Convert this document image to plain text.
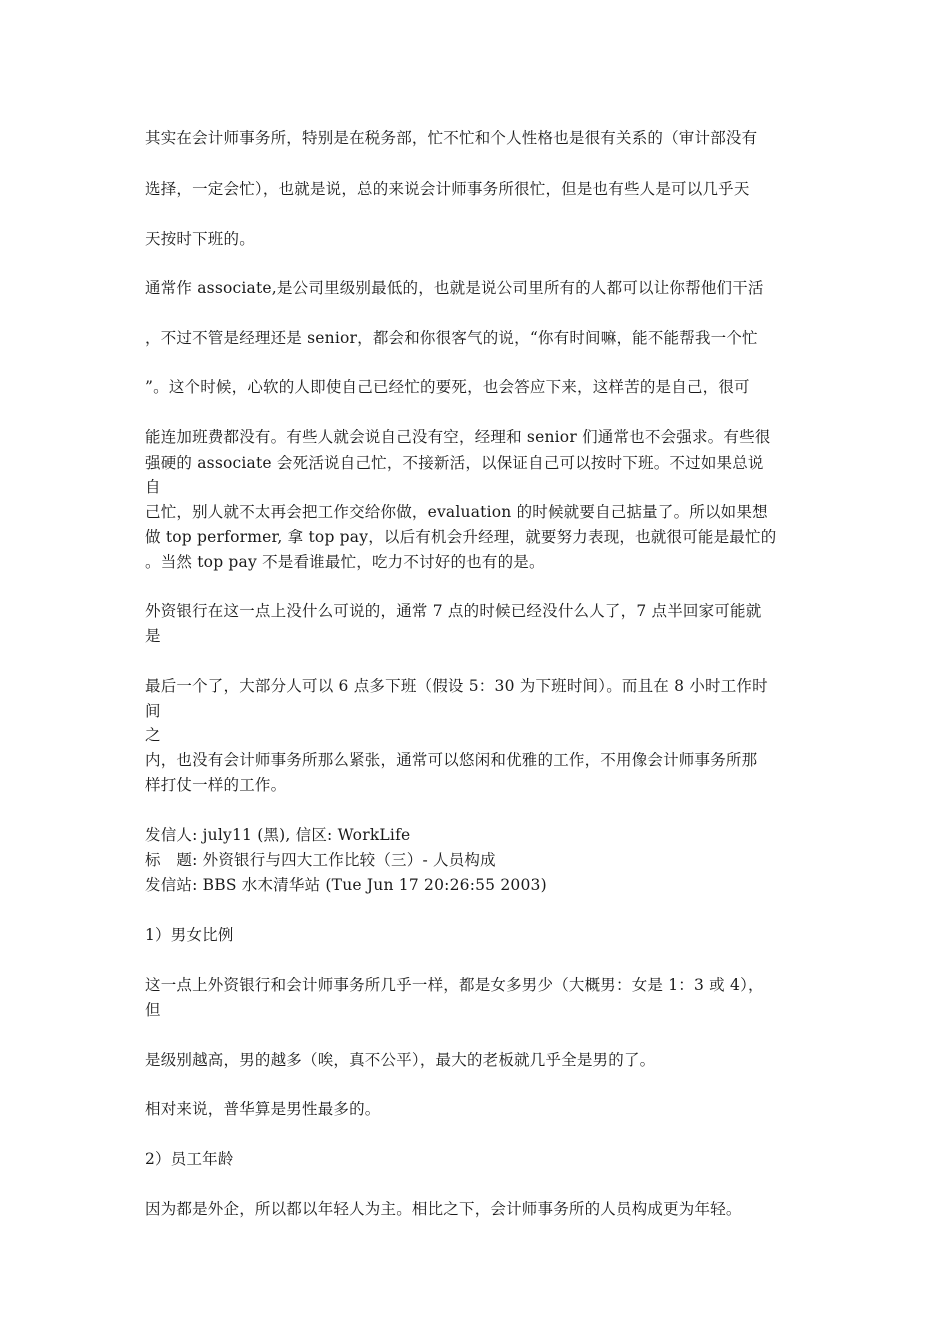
其实在会计师事务所，特别是在税务部，忙不忙和个人性格也是很有关系的（审计部没有
选择，一定会忙），也就是说，总的来说会计师事务所很忙，但是也有些人是可以几乎天
天按时下班的。
通常作 associate,是公司里级别最低的，也就是说公司里所有的人都可以让你帮他们干活
，不过不管是经理还是 senior，都会和你很客气的说，“你有时间嘛，能不能帮我一个忙
”。这个时候，心软的人即使自己已经忙的要死，也会答应下来，这样苦的是自己，很可
能连加班费都没有。有些人就会说自己没有空，经理和 senior 们通常也不会强求。有些很
强硬的 associate 会死活说自己忙，不接新活，以保证自己可以按时下班。不过如果总说
自
己忙，别人就不太再会把工作交给你做，evaluation 的时候就要自己掂量了。所以如果想
做 top performer, 拿 top pay，以后有机会升经理，就要努力表现，也就很可能是最忙的
。当然 top pay 不是看谁最忙，吃力不讨好的也有的是。
外资银行在这一点上没什么可说的，通常 7 点的时候已经没什么人了，7 点半回家可能就
是
最后一个了，大部分人可以 6 点多下班（假设 5：30 为下班时间）。而且在 8 小时工作时
间
之
内，也没有会计师事务所那么紧张，通常可以悠闲和优雅的工作，不用像会计师事务所那
样打仗一样的工作。
发信人: july11 (黑), 信区: WorkLife
标　题: 外资银行与四大工作比较（三）- 人员构成
发信站: BBS 水木清华站 (Tue Jun 17 20:26:55 2003)
1）男女比例
这一点上外资银行和会计师事务所几乎一样，都是女多男少（大概男：女是 1：3 或 4），
但
是级别越高，男的越多（唉，真不公平），最大的老板就几乎全是男的了。
相对来说，普华算是男性最多的。
2）员工年龄
因为都是外企，所以都以年轻人为主。相比之下，会计师事务所的人员构成更为年轻。
